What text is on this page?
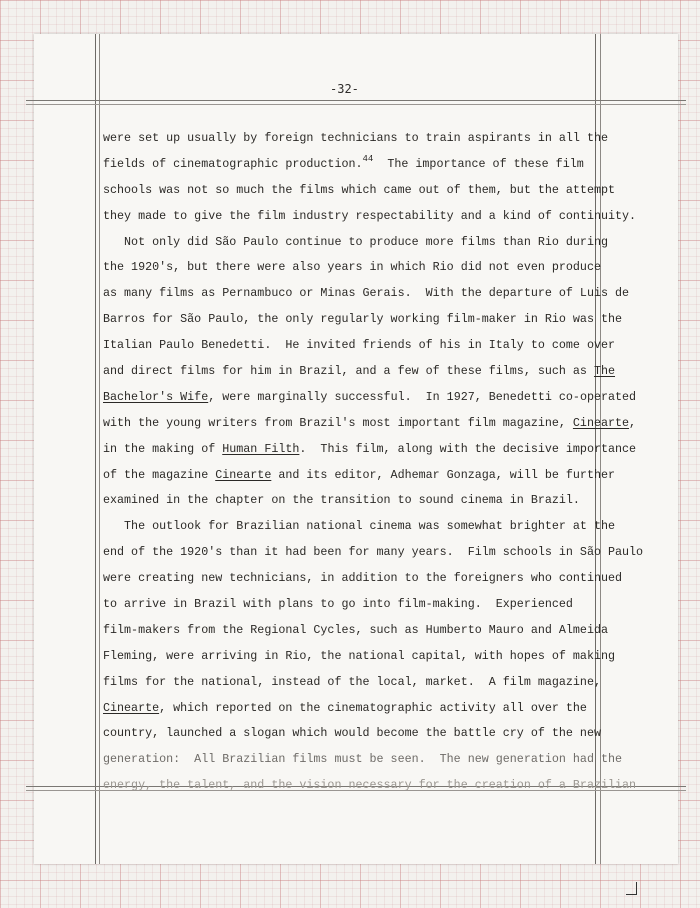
-32-
were set up usually by foreign technicians to train aspirants in all the
fields of cinematographic production.$^{44}$  The importance of these film
schools was not so much the films which came out of them, but the attempt
they made to give the film industry respectability and a kind of continuity.
Not only did São Paulo continue to produce more films than Rio during
the 1920's, but there were also years in which Rio did not even produce
as many films as Pernambuco or Minas Gerais.  With the departure of Luis de
Barros for São Paulo, the only regularly working film-maker in Rio was the
Italian Paulo Benedetti.  He invited friends of his in Italy to come over
and direct films for him in Brazil, and a few of these films, such as The
Bachelor's Wife, were marginally successful.  In 1927, Benedetti co-operated
with the young writers from Brazil's most important film magazine, Cinearte,
in the making of Human Filth.  This film, along with the decisive importance
of the magazine Cinearte and its editor, Adhemar Gonzaga, will be further
examined in the chapter on the transition to sound cinema in Brazil.
The outlook for Brazilian national cinema was somewhat brighter at the
end of the 1920's than it had been for many years.  Film schools in São Paulo
were creating new technicians, in addition to the foreigners who continued
to arrive in Brazil with plans to go into film-making.  Experienced
film-makers from the Regional Cycles, such as Humberto Mauro and Almeida
Fleming, were arriving in Rio, the national capital, with hopes of making
films for the national, instead of the local, market.  A film magazine,
Cinearte, which reported on the cinematographic activity all over the
country, launched a slogan which would become the battle cry of the new
generation:  All Brazilian films must be seen.  The new generation had the
energy, the talent, and the vision necessary for the creation of a Brazilian
